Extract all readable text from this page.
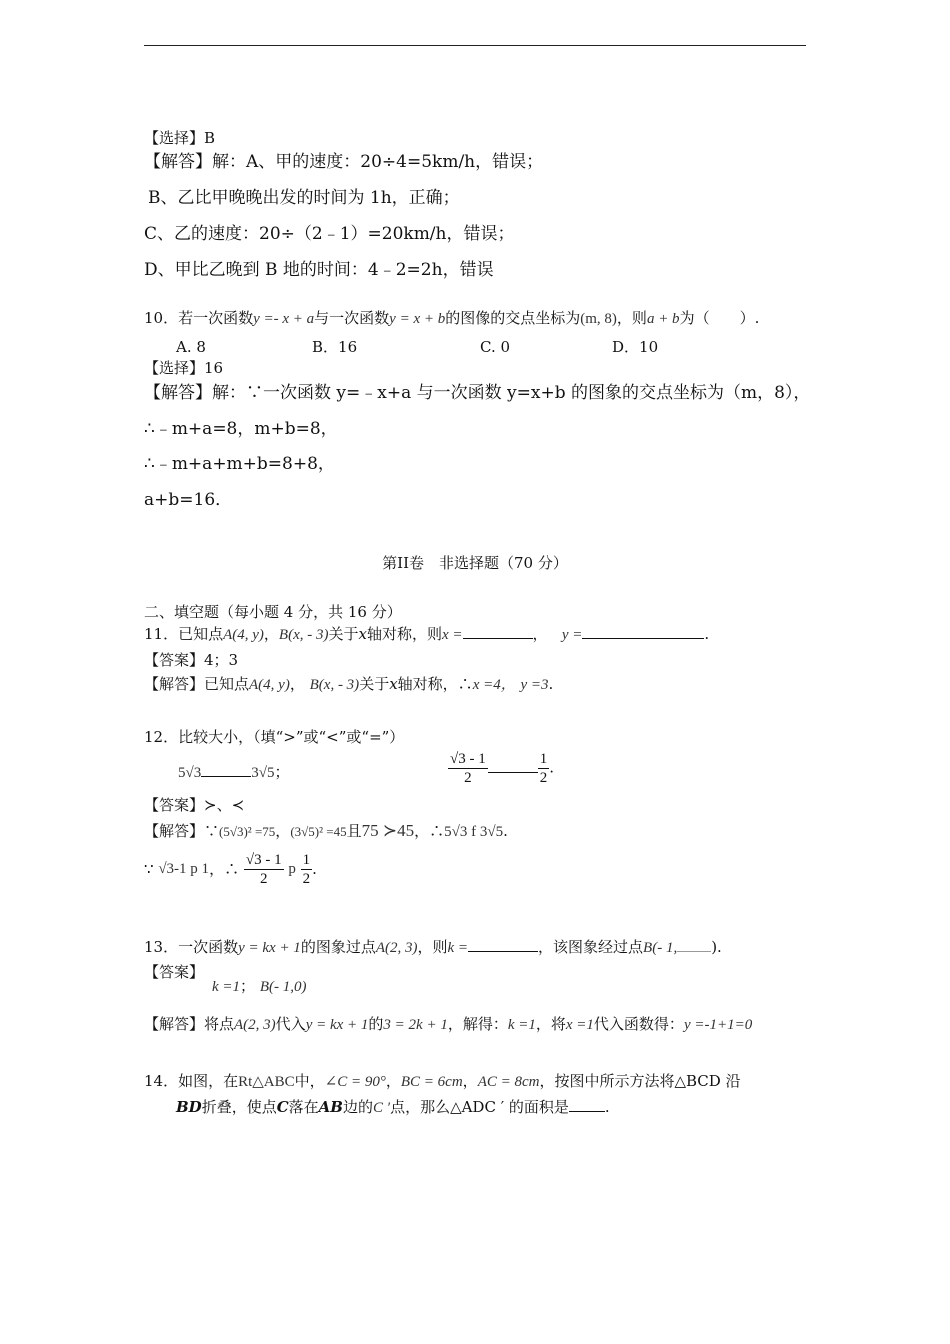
【选择】B
【解答】解：A、甲的速度：20÷4=5km/h，错误；
B、乙比甲晚晚出发的时间为 1h，正确；
C、乙的速度：20÷（2﹣1）=20km/h，错误；
D、甲比乙晚到 B 地的时间：4﹣2=2h，错误
10．若一次函数y =- x + a与一次函数y = x + b的图像的交点坐标为(m, 8)，则a + b为（　　）.
A. 8	B．16	C. 0	D．10
【选择】16
【解答】解：∵一次函数 y=﹣x+a 与一次函数 y=x+b 的图象的交点坐标为（m，8），
∴﹣m+a=8，m+b=8，
∴﹣m+a+m+b=8+8，
a+b=16．
第II卷　非选择题（70 分）
二、填空题（每小题 4 分，共 16 分）
11．已知点A(4, y)，B(x, - 3)关于x轴对称，则x =	， y =	.
【答案】4；3
【解答】已知点A(4, y)， B(x, - 3)关于x轴对称，∴x =4， y =3.
12．比较大小，（填“>”或“<”或“=”）
5√3	3√5；	$\frac{√3 - 1}{2}$	$\frac{1}{2}$ .
【答案】≻、≺
【解答】∵(5√3)² =75，(3√5)² =45且75 ≻45，∴5√3 f 3√5.
∵
√3-1 p 1 ，∴
$\frac{√3 - 1}{2}$
p
$\frac{1}{2}$ .
13．一次函数y = kx + 1的图象过点A(2, 3)，则k =	，该图象经过点B(- 1, ).
【答案】
k =1； B(- 1,0)
【解答】将点A(2, 3)代入y = kx + 1的3 = 2k + 1，解得：k =1，将x =1代入函数得：y =-1+1=0
14．如图，在Rt△ABC中，∠C = 90°，BC = 6cm，AC = 8cm，按图中所示方法将△BCD 沿
BD折叠，使点C落在AB边的C ′点，那么△ADC ′ 的面积是 .
